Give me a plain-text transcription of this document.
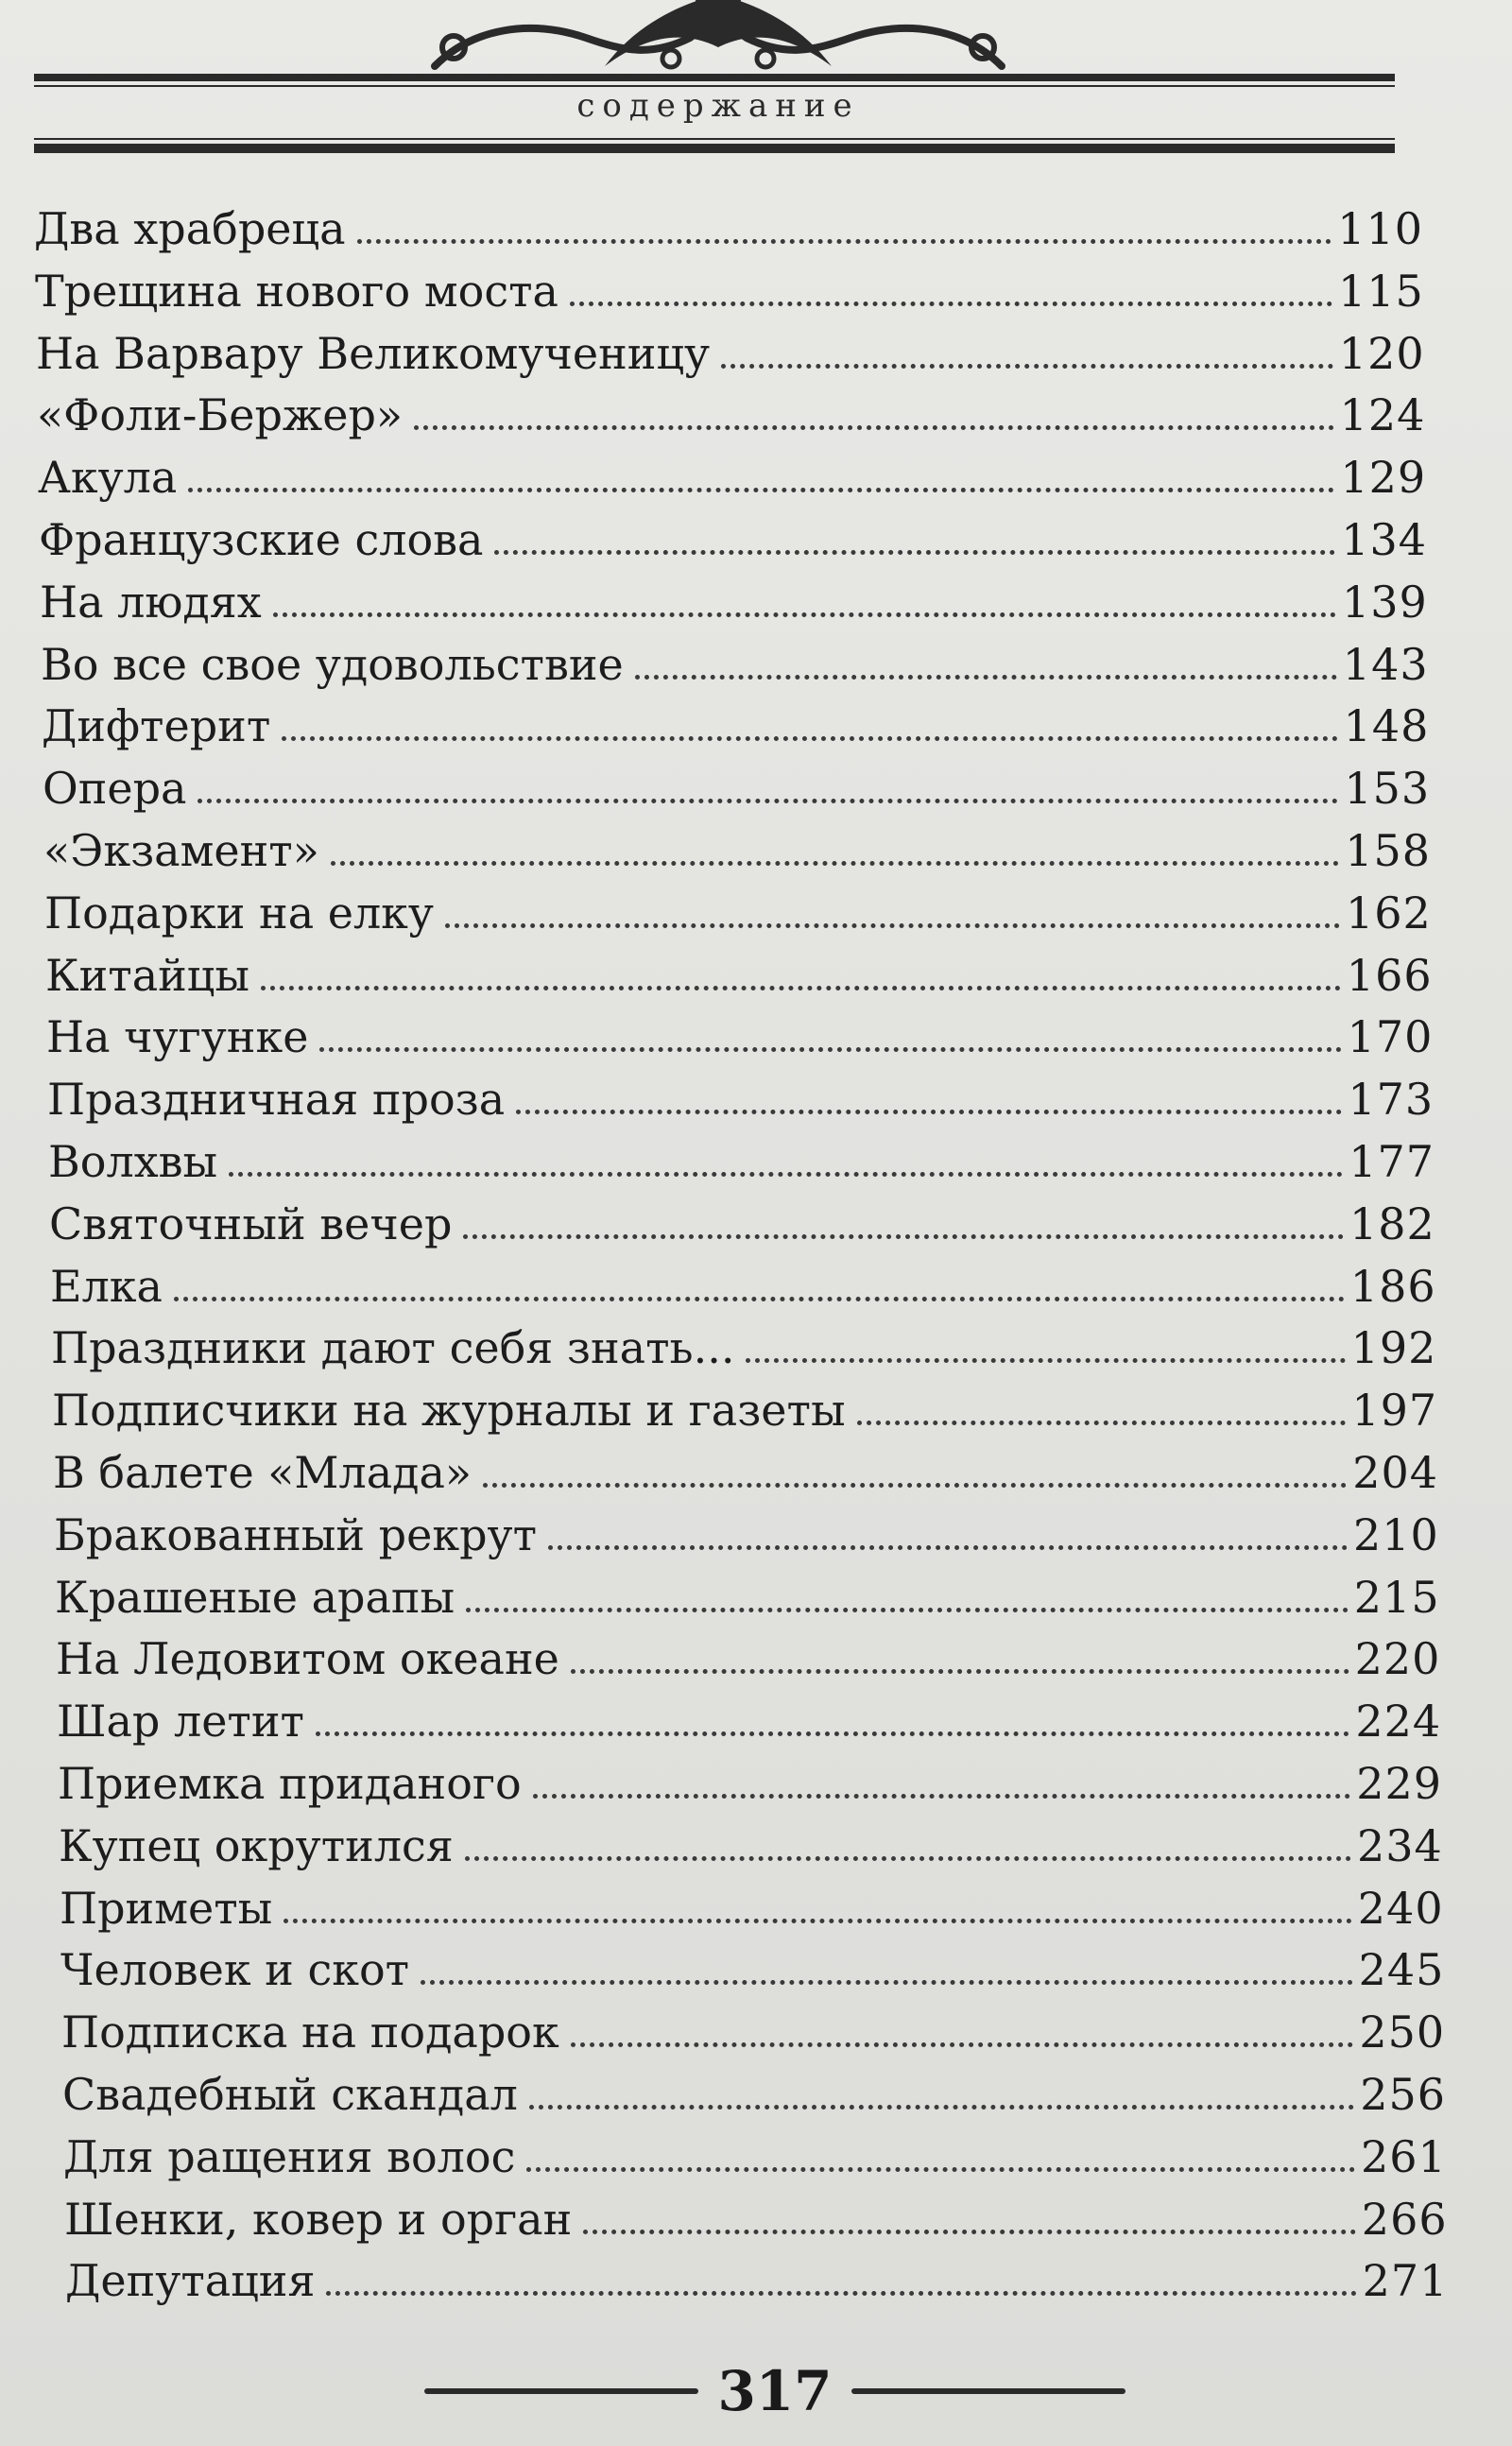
содержание
Два храбреца	110
Трещина нового моста	115
На Варвару Великомученицу	120
«Фоли-Бержер»	124
Акула	129
Французские слова	134
На людях	139
Во все свое удовольствие	143
Дифтерит	148
Опера	153
«Экзамент»	158
Подарки на елку	162
Китайцы	166
На чугунке	170
Праздничная проза	173
Волхвы	177
Святочный вечер	182
Елка	186
Праздники дают себя знать...	192
Подписчики на журналы и газеты	197
В балете «Млада»	204
Бракованный рекрут	210
Крашеные арапы	215
На Ледовитом океане	220
Шар летит	224
Приемка приданого	229
Купец окрутился	234
Приметы	240
Человек и скот	245
Подписка на подарок	250
Свадебный скандал	256
Для ращения волос	261
Шенки, ковер и орган	266
Депутация	271
317
